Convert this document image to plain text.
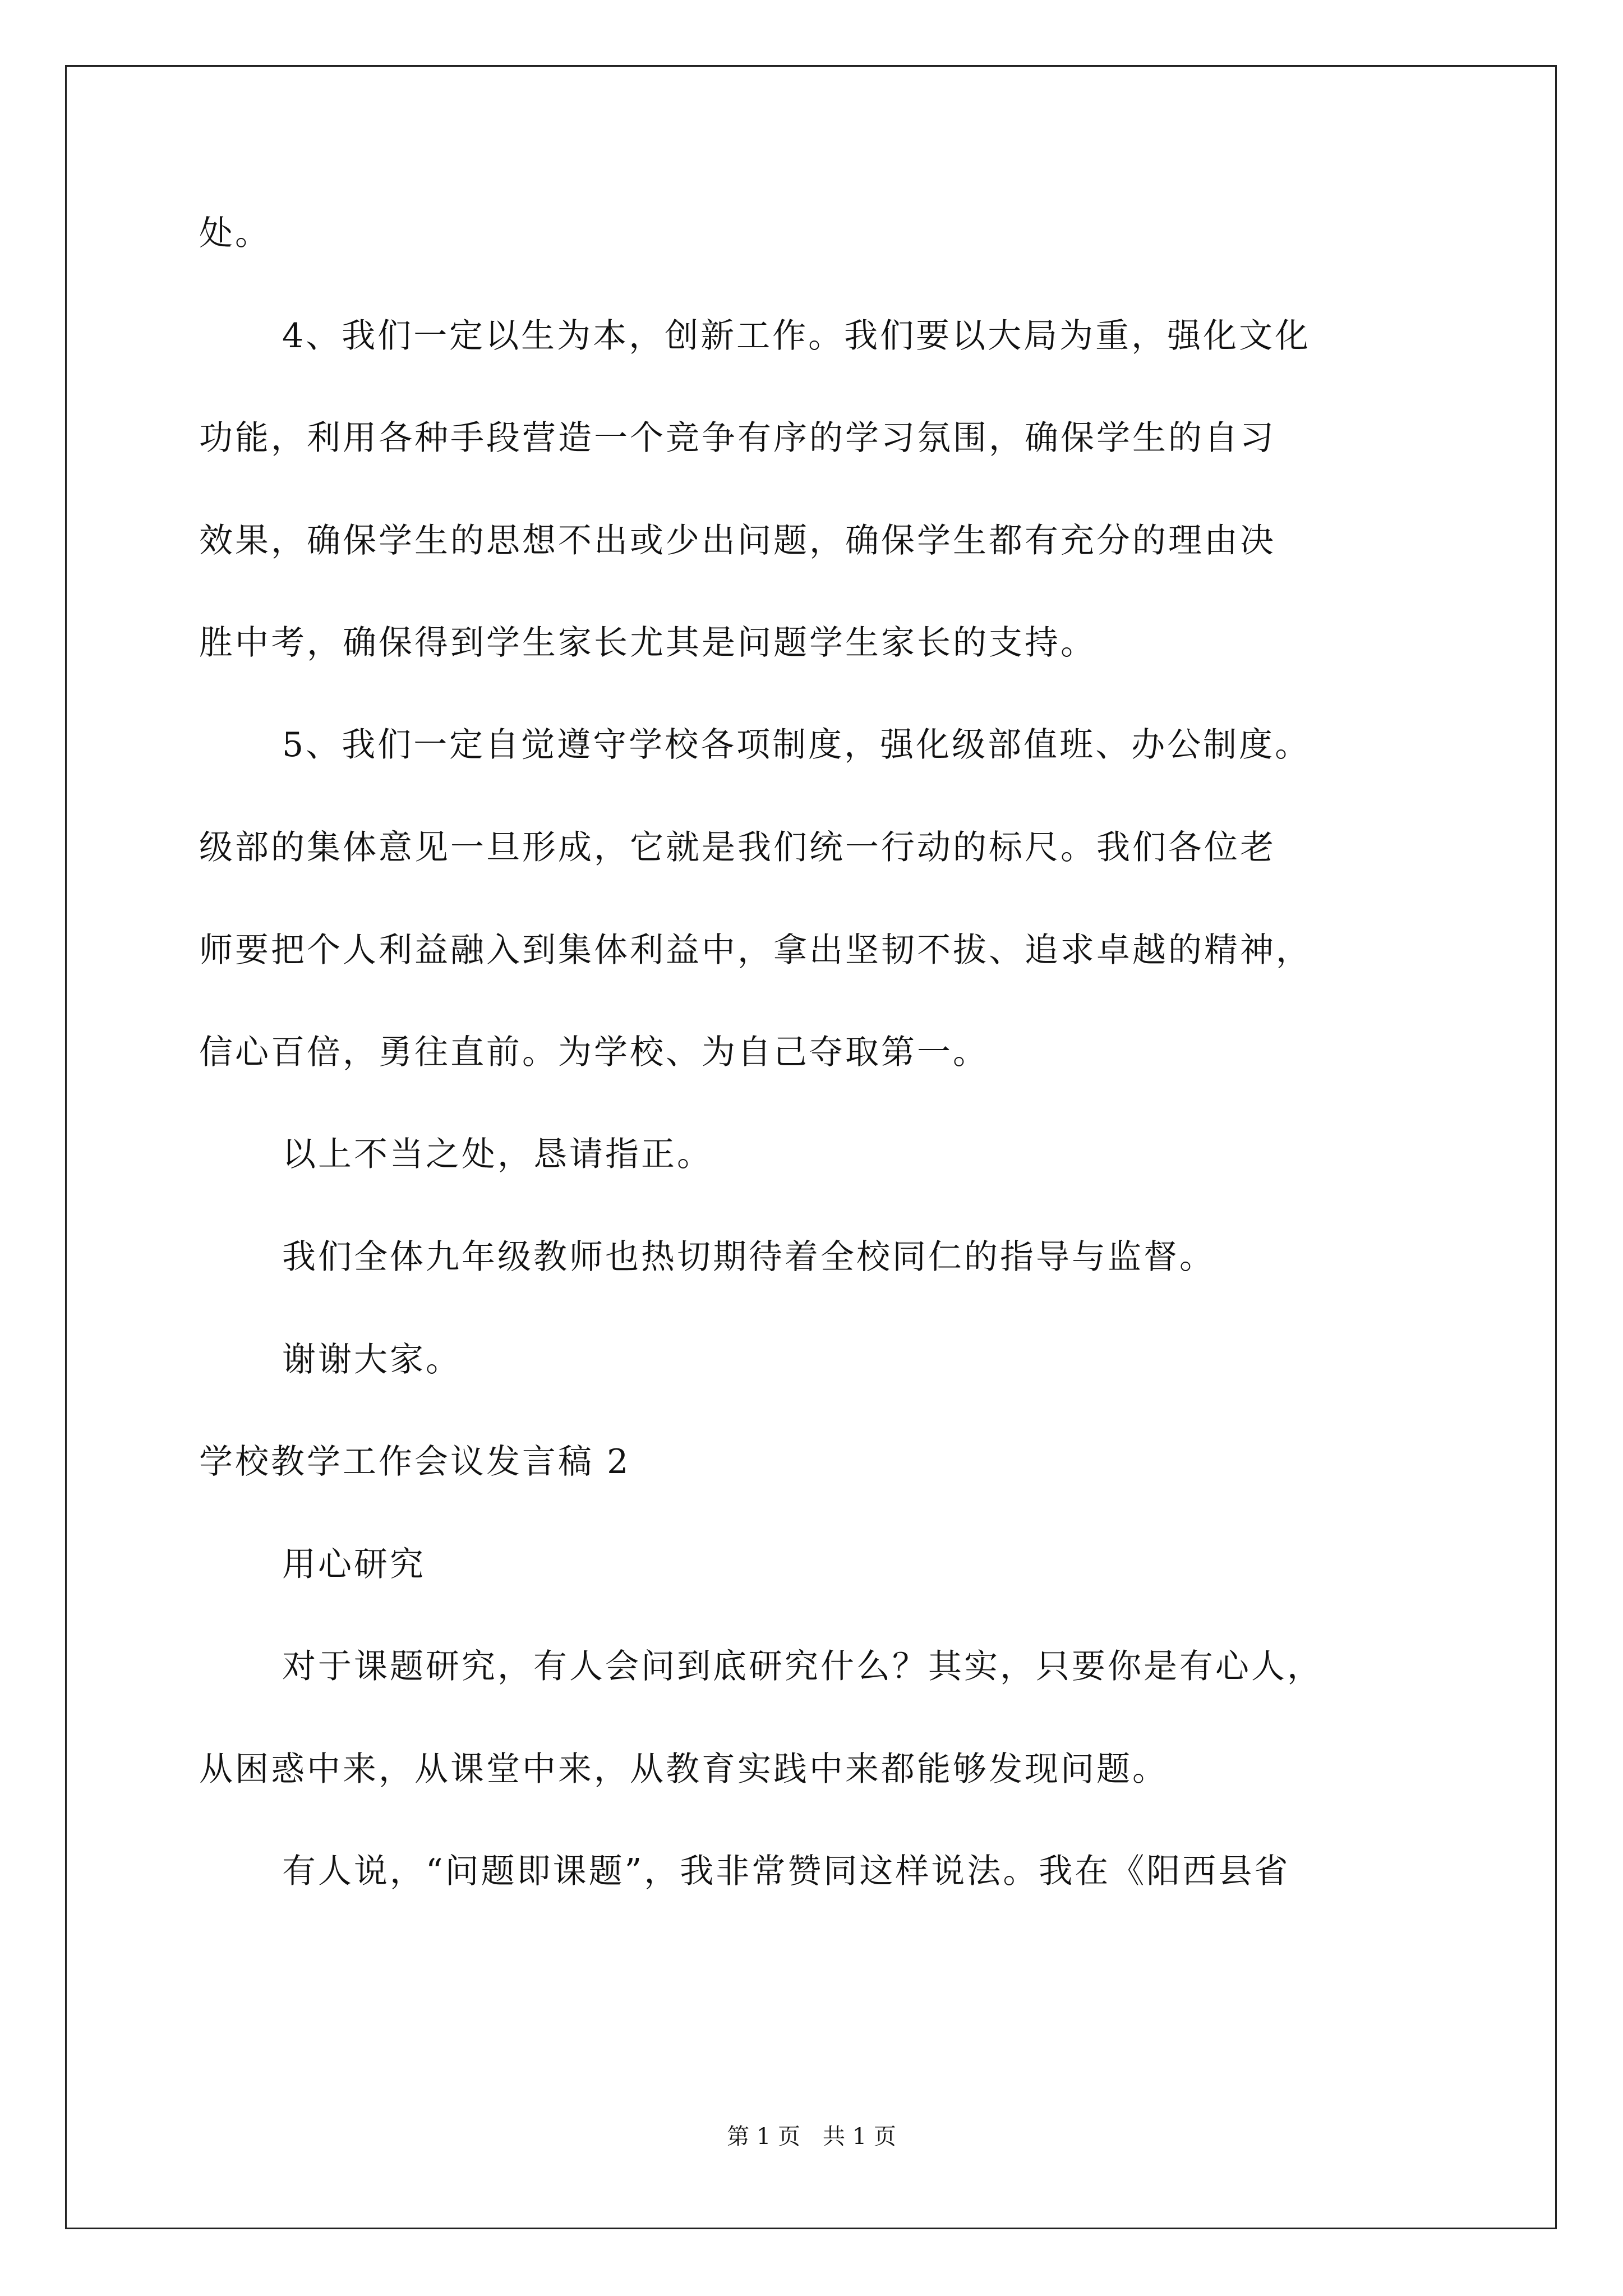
处。
4、我们一定以生为本，创新工作。我们要以大局为重，强化文化
功能，利用各种手段营造一个竞争有序的学习氛围，确保学生的自习
效果，确保学生的思想不出或少出问题，确保学生都有充分的理由决
胜中考，确保得到学生家长尤其是问题学生家长的支持。
5、我们一定自觉遵守学校各项制度，强化级部值班、办公制度。
级部的集体意见一旦形成，它就是我们统一行动的标尺。我们各位老
师要把个人利益融入到集体利益中，拿出坚韧不拔、追求卓越的精神，
信心百倍，勇往直前。为学校、为自己夺取第一。
以上不当之处，恳请指正。
我们全体九年级教师也热切期待着全校同仁的指导与监督。
谢谢大家。
学校教学工作会议发言稿 2
用心研究
对于课题研究，有人会问到底研究什么？其实，只要你是有心人，
从困惑中来，从课堂中来，从教育实践中来都能够发现问题。
有人说，“问题即课题”，我非常赞同这样说法。我在《阳西县省
第 1 页　共 1 页
